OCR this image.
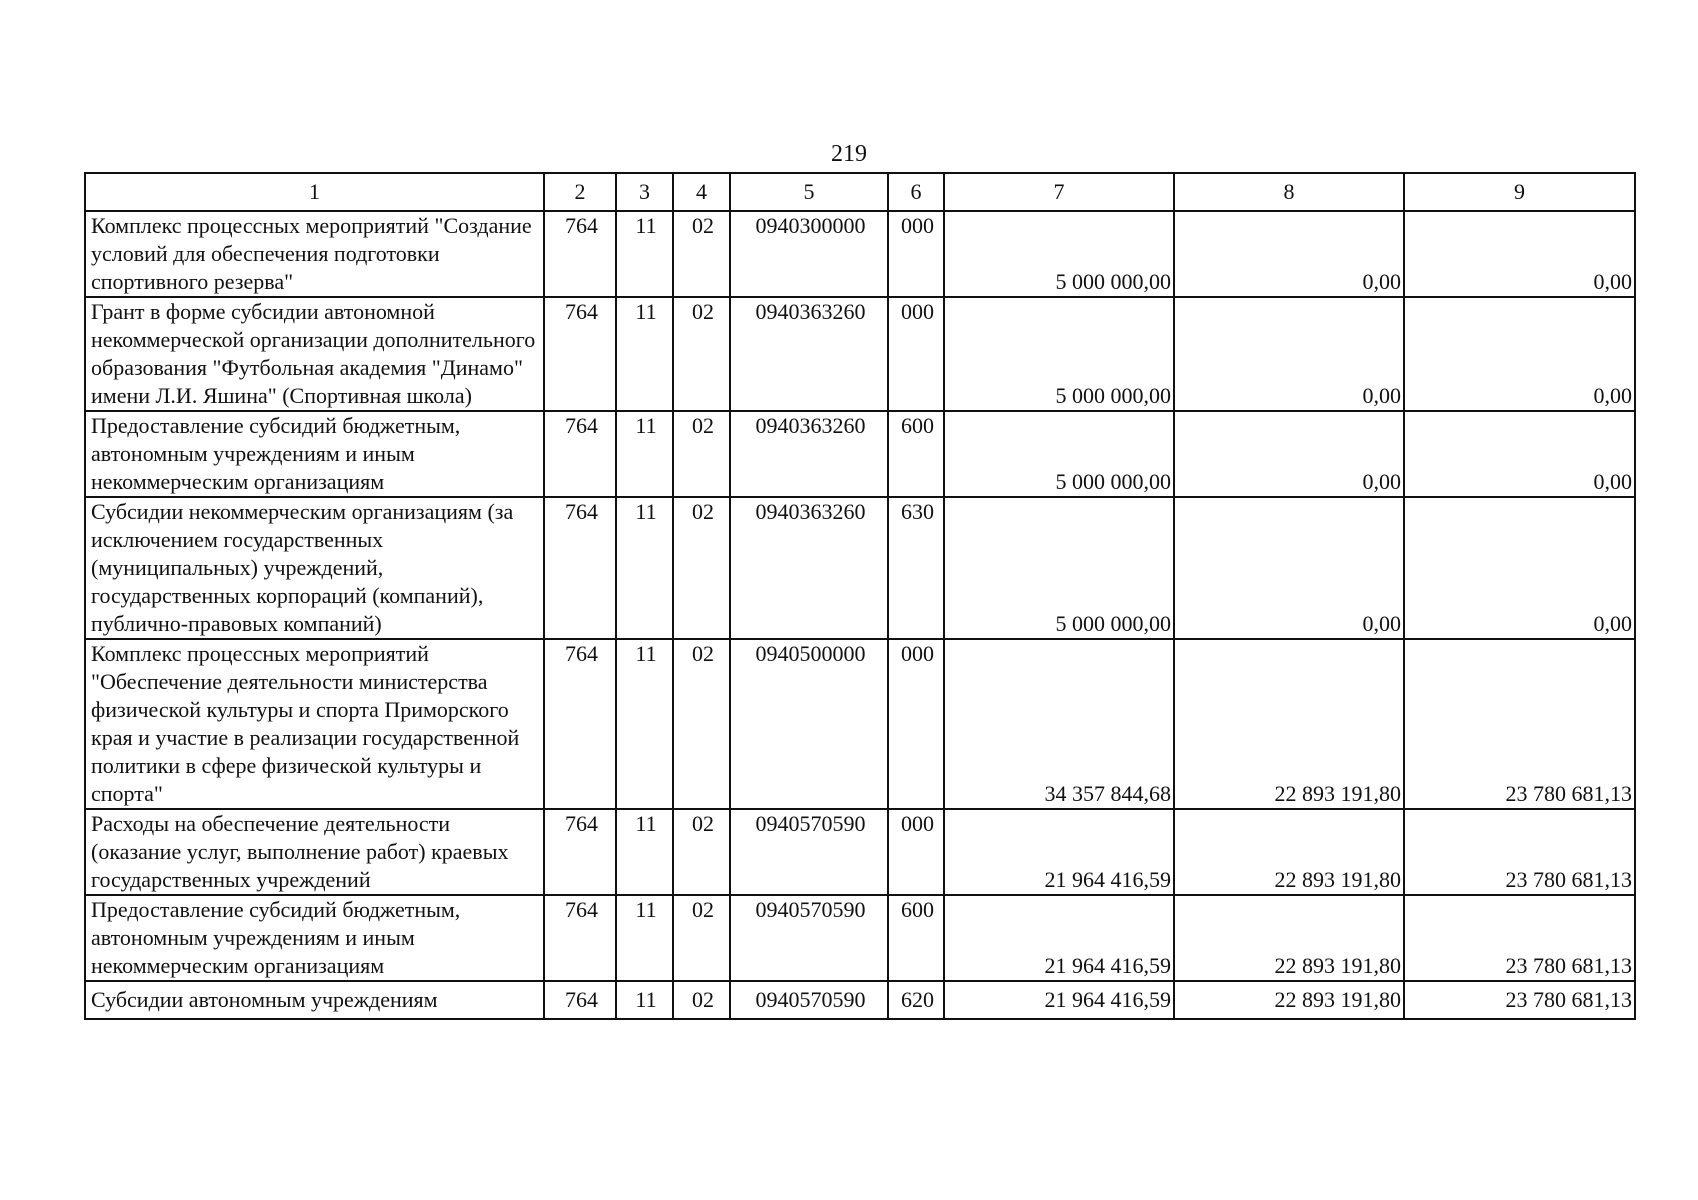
219
1	2	3	4	5	6	7	8	9
Комплекс процессных мероприятий "Создание условий для обеспечения подготовки спортивного резерва"	764	11	02	0940300000	000	5 000 000,00	0,00	0,00
Грант в форме субсидии автономной некоммерческой организации дополнительного образования "Футбольная академия "Динамо" имени Л.И. Яшина" (Спортивная школа)	764	11	02	0940363260	000	5 000 000,00	0,00	0,00
Предоставление субсидий бюджетным, автономным учреждениям и иным некоммерческим организациям	764	11	02	0940363260	600	5 000 000,00	0,00	0,00
Субсидии некоммерческим организациям (за исключением государственных (муниципальных) учреждений, государственных корпораций (компаний), публично-правовых компаний)	764	11	02	0940363260	630	5 000 000,00	0,00	0,00
Комплекс процессных мероприятий "Обеспечение деятельности министерства физической культуры и спорта Приморского края и участие в реализации государственной политики в сфере физической культуры и спорта"	764	11	02	0940500000	000	34 357 844,68	22 893 191,80	23 780 681,13
Расходы на обеспечение деятельности (оказание услуг, выполнение работ) краевых государственных учреждений	764	11	02	0940570590	000	21 964 416,59	22 893 191,80	23 780 681,13
Предоставление субсидий бюджетным, автономным учреждениям и иным некоммерческим организациям	764	11	02	0940570590	600	21 964 416,59	22 893 191,80	23 780 681,13
Субсидии автономным учреждениям	764	11	02	0940570590	620	21 964 416,59	22 893 191,80	23 780 681,13
